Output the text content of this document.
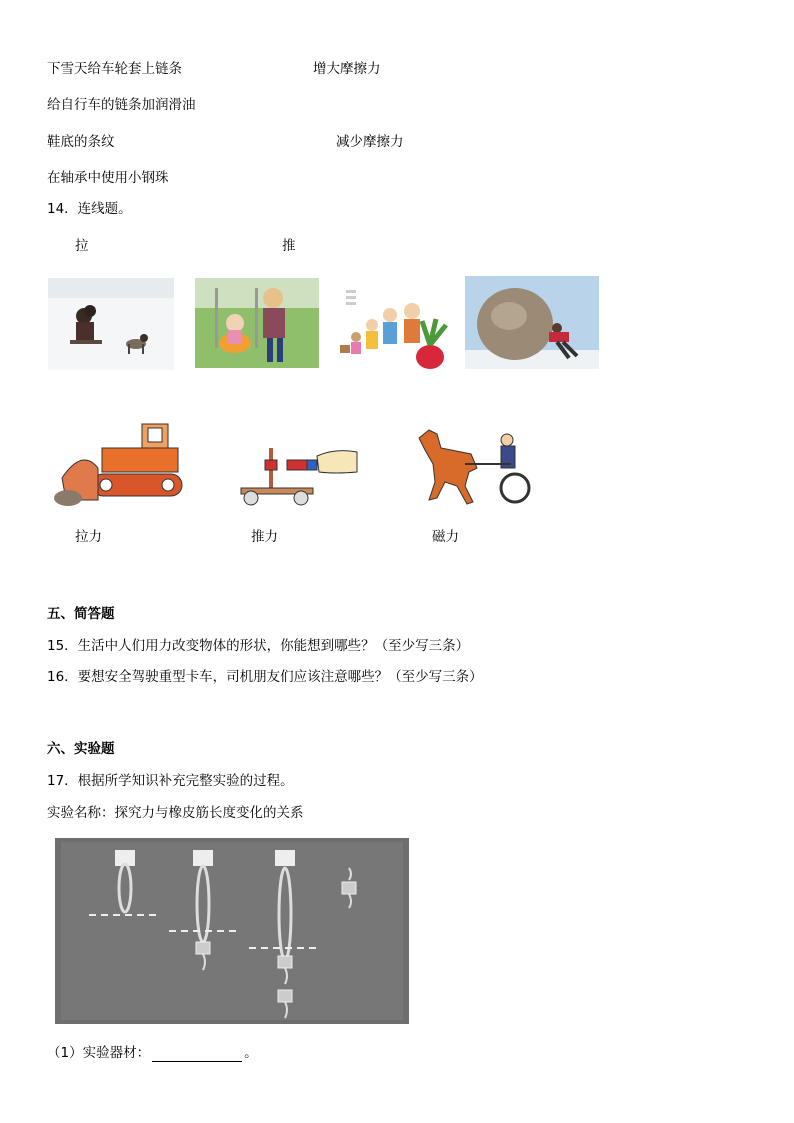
下雪天给车轮套上链条	增大摩擦力
给自行车的链条加润滑油
鞋底的条纹	减少摩擦力
在轴承中使用小钢珠
14．连线题。
拉	推
拉力	推力	磁力
五、简答题
15．生活中人们用力改变物体的形状，你能想到哪些？（至少写三条）
16．要想安全驾驶重型卡车，司机朋友们应该注意哪些？（至少写三条）
六、实验题
17．根据所学知识补充完整实验的过程。
实验名称：探究力与橡皮筋长度变化的关系
（1）实验器材：	。
